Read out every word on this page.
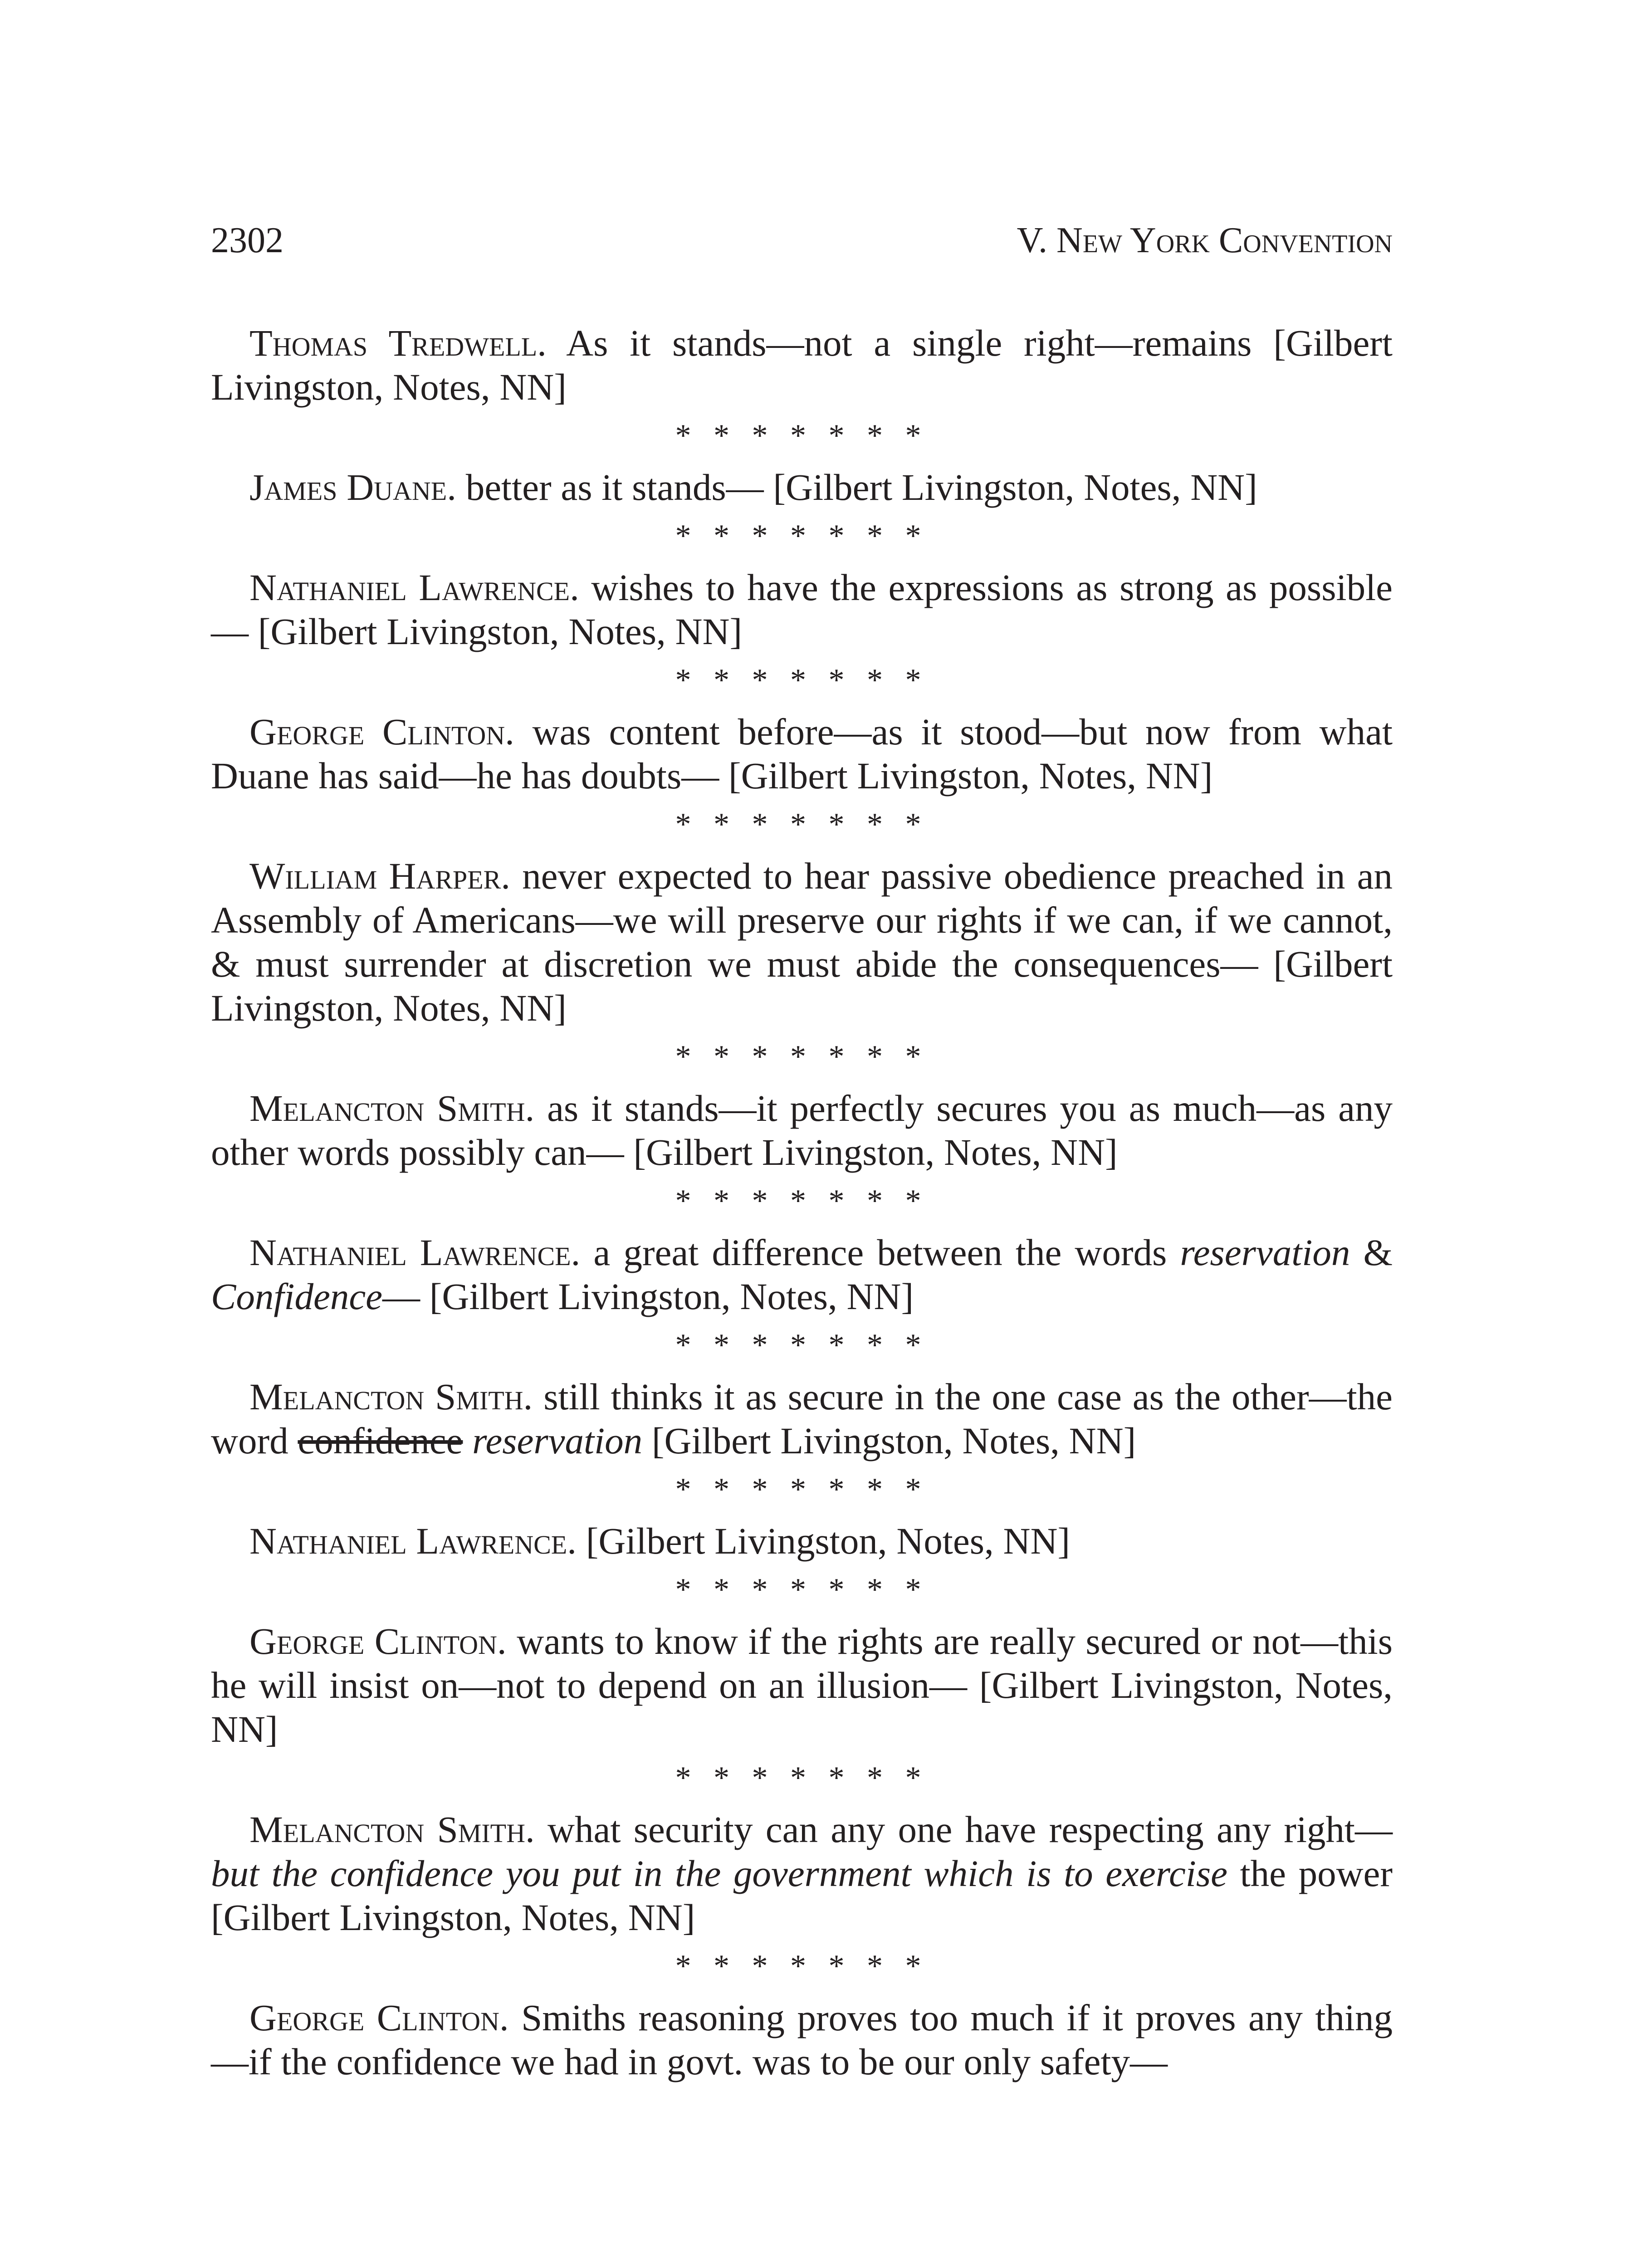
2302	V. New York Convention

Thomas Tredwell. As it stands—not a single right—remains [Gilbert Livingston, Notes, NN]

* * * * * * *

James Duane. better as it stands— [Gilbert Livingston, Notes, NN]

* * * * * * *

Nathaniel Lawrence. wishes to have the expressions as strong as possible— [Gilbert Livingston, Notes, NN]

* * * * * * *

George Clinton. was content before—as it stood—but now from what Duane has said—he has doubts— [Gilbert Livingston, Notes, NN]

* * * * * * *

William Harper. never expected to hear passive obedience preached in an Assembly of Americans—we will preserve our rights if we can, if we cannot, & must surrender at discretion we must abide the consequences— [Gilbert Livingston, Notes, NN]

* * * * * * *

Melancton Smith. as it stands—it perfectly secures you as much—as any other words possibly can— [Gilbert Livingston, Notes, NN]

* * * * * * *

Nathaniel Lawrence. a great difference between the words reservation & Confidence— [Gilbert Livingston, Notes, NN]

* * * * * * *

Melancton Smith. still thinks it as secure in the one case as the other—the word confidence reservation [Gilbert Livingston, Notes, NN]

* * * * * * *

Nathaniel Lawrence. [Gilbert Livingston, Notes, NN]

* * * * * * *

George Clinton. wants to know if the rights are really secured or not—this he will insist on—not to depend on an illusion— [Gilbert Livingston, Notes, NN]

* * * * * * *

Melancton Smith. what security can any one have respecting any right—but the confidence you put in the government which is to exercise the power [Gilbert Livingston, Notes, NN]

* * * * * * *

George Clinton. Smiths reasoning proves too much if it proves any thing—if the confidence we had in govt. was to be our only safety—
